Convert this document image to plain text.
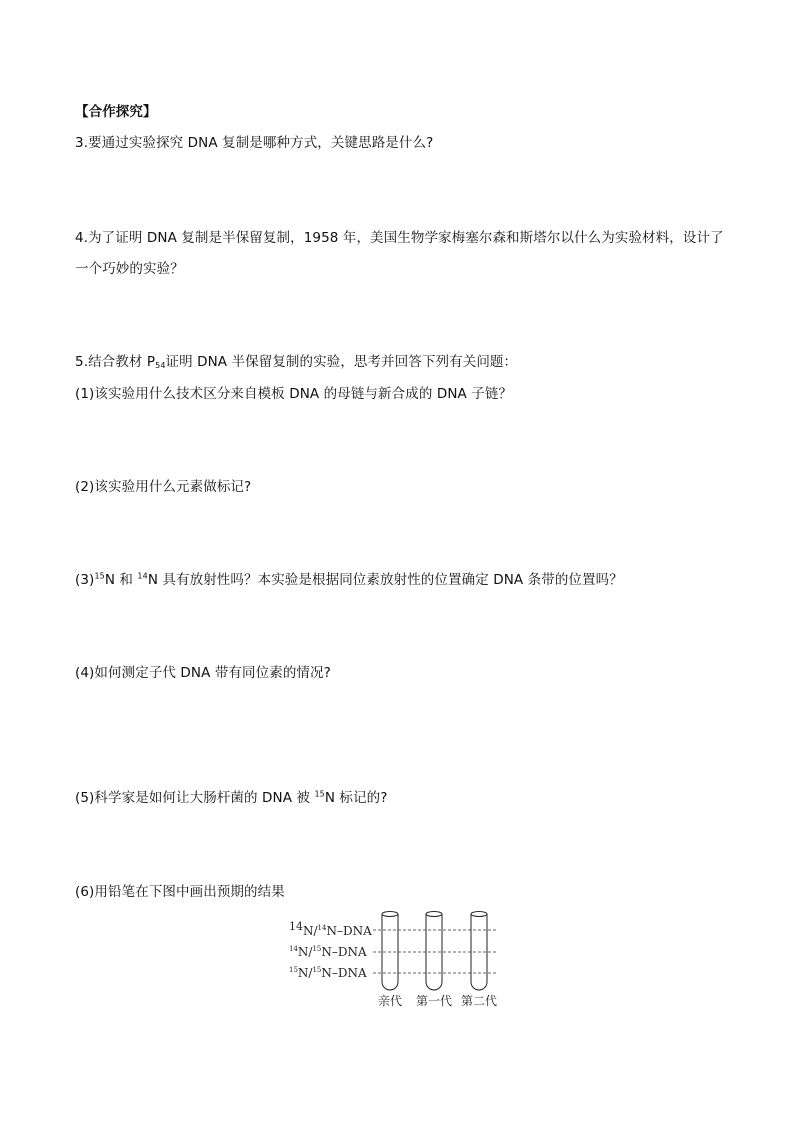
【合作探究】
3.要通过实验探究 DNA 复制是哪种方式，关键思路是什么?
4.为了证明 DNA 复制是半保留复制，1958 年，美国生物学家梅塞尔森和斯塔尔以什么为实验材料，设计了
一个巧妙的实验？
5.结合教材 P54证明 DNA 半保留复制的实验，思考并回答下列有关问题：
(1)该实验用什么技术区分来自模板 DNA 的母链与新合成的 DNA 子链？
(2)该实验用什么元素做标记?
$(3)^{15}N$ 和 $^{14}$N 具有放射性吗？本实验是根据同位素放射性的位置确定 DNA 条带的位置吗？
(4)如何测定子代 DNA 带有同位素的情况?
(5)科学家是如何让大肠杆菌的 DNA 被 $^{15}$N 标记的?
(6)用铅笔在下图中画出预期的结果
14N/$^{14}$N–DNA
$^{14}$N/$^{15}$N–DNA
$^{15}$N/$^{15}$N–DNA
亲代 第一代 第二代
